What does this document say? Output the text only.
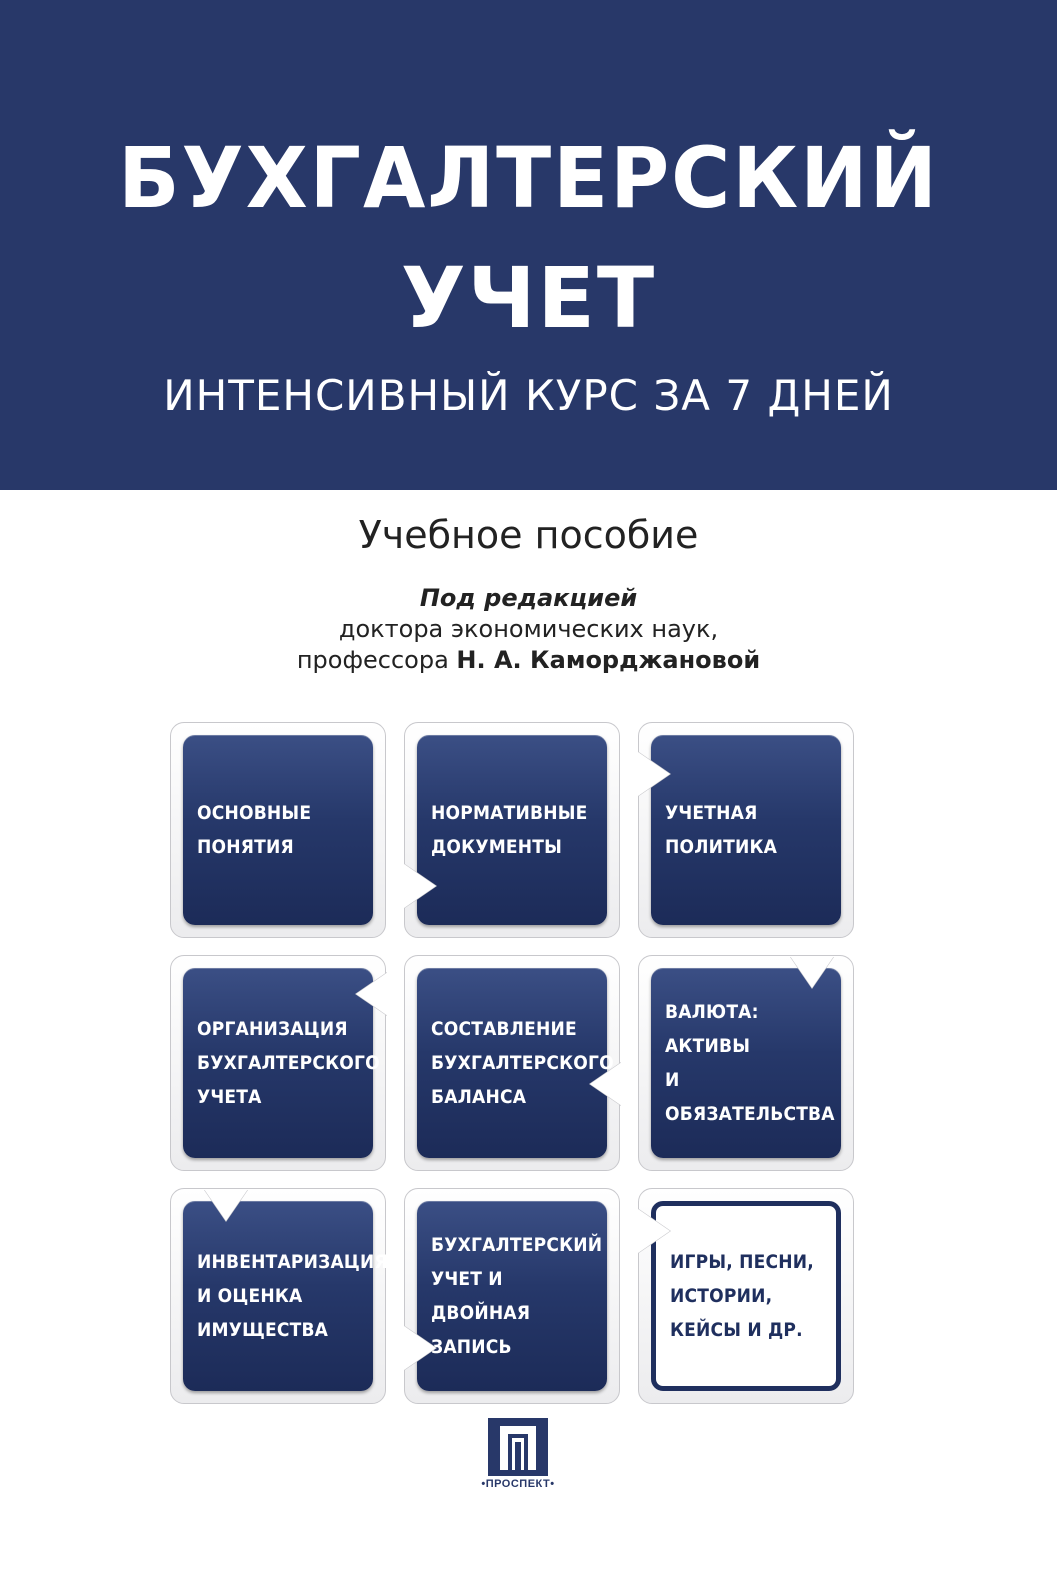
БУХГАЛТЕРСКИЙ
УЧЕТ
ИНТЕНСИВНЫЙ КУРС ЗА 7 ДНЕЙ
Учебное пособие
Под редакцией
доктора экономических наук,
профессора Н. А. Каморджановой
ОСНОВНЫЕ
ПОНЯТИЯ
НОРМАТИВНЫЕ
ДОКУМЕНТЫ
УЧЕТНАЯ
ПОЛИТИКА
ОРГАНИЗАЦИЯ
БУХГАЛТЕРСКОГО
УЧЕТА
СОСТАВЛЕНИЕ
БУХГАЛТЕРСКОГО
БАЛАНСА
ВАЛЮТА: АКТИВЫ
И ОБЯЗАТЕЛЬСТВА
ИНВЕНТАРИЗАЦИЯ
И ОЦЕНКА
ИМУЩЕСТВА
БУХГАЛТЕРСКИЙ
УЧЕТ И ДВОЙНАЯ
ЗАПИСЬ
ИГРЫ, ПЕСНИ,
ИСТОРИИ,
КЕЙСЫ И ДР.
•ПРОСПЕКТ•
